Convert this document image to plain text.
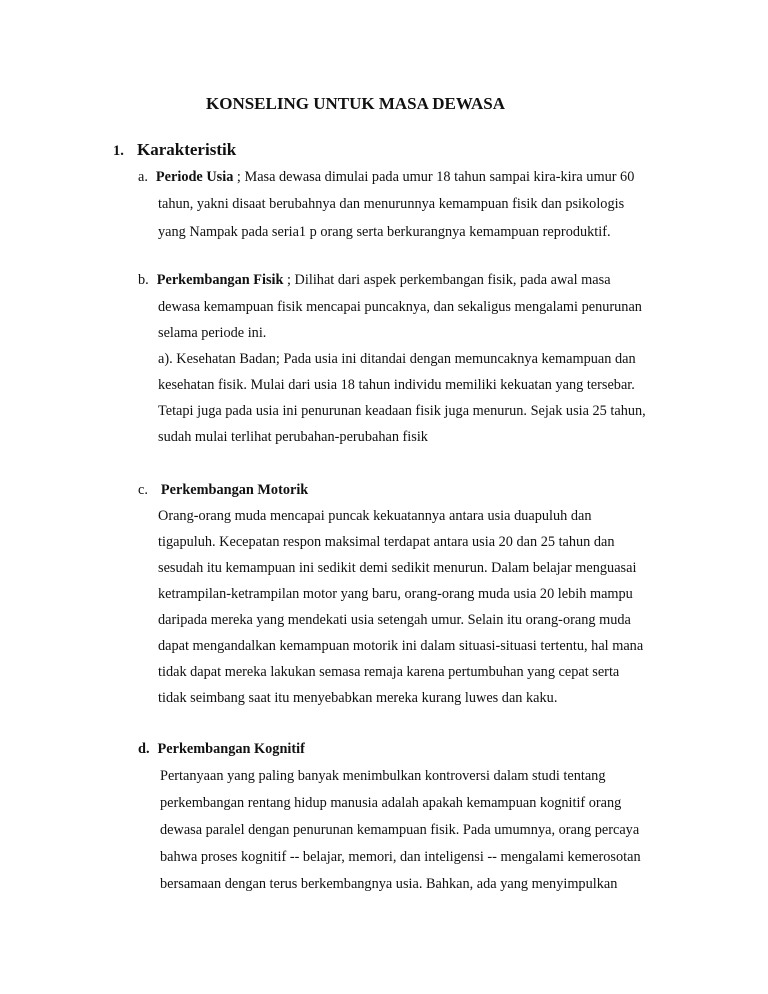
KONSELING UNTUK MASA DEWASA
1. Karakteristik
a. Periode Usia ; Masa dewasa dimulai pada umur 18 tahun sampai kira-kira umur 60
tahun, yakni disaat berubahnya dan menurunnya kemampuan fisik dan psikologis
yang Nampak pada seria1 p orang serta berkurangnya kemampuan reproduktif.
b. Perkembangan Fisik ; Dilihat dari aspek perkembangan fisik, pada awal masa
dewasa kemampuan fisik mencapai puncaknya, dan sekaligus mengalami penurunan
selama periode ini.
a). Kesehatan Badan; Pada usia ini ditandai dengan memuncaknya kemampuan dan
kesehatan fisik. Mulai dari usia 18 tahun individu memiliki kekuatan yang tersebar.
Tetapi juga pada usia ini penurunan keadaan fisik juga menurun. Sejak usia 25 tahun,
sudah mulai terlihat perubahan-perubahan fisik
c. Perkembangan Motorik
Orang-orang muda mencapai puncak kekuatannya antara usia duapuluh dan
tigapuluh. Kecepatan respon maksimal terdapat antara usia 20 dan 25 tahun dan
sesudah itu kemampuan ini sedikit demi sedikit menurun. Dalam belajar menguasai
ketrampilan-ketrampilan motor yang baru, orang-orang muda usia 20 lebih mampu
daripada mereka yang mendekati usia setengah umur. Selain itu orang-orang muda
dapat mengandalkan kemampuan motorik ini dalam situasi-situasi tertentu, hal mana
tidak dapat mereka lakukan semasa remaja karena pertumbuhan yang cepat serta
tidak seimbang saat itu menyebabkan mereka kurang luwes dan kaku.
d. Perkembangan Kognitif
Pertanyaan yang paling banyak menimbulkan kontroversi dalam studi tentang
perkembangan rentang hidup manusia adalah apakah kemampuan kognitif orang
dewasa paralel dengan penurunan kemampuan fisik. Pada umumnya, orang percaya
bahwa proses kognitif -- belajar, memori, dan inteligensi -- mengalami kemerosotan
bersamaan dengan terus berkembangnya usia. Bahkan, ada yang menyimpulkan
